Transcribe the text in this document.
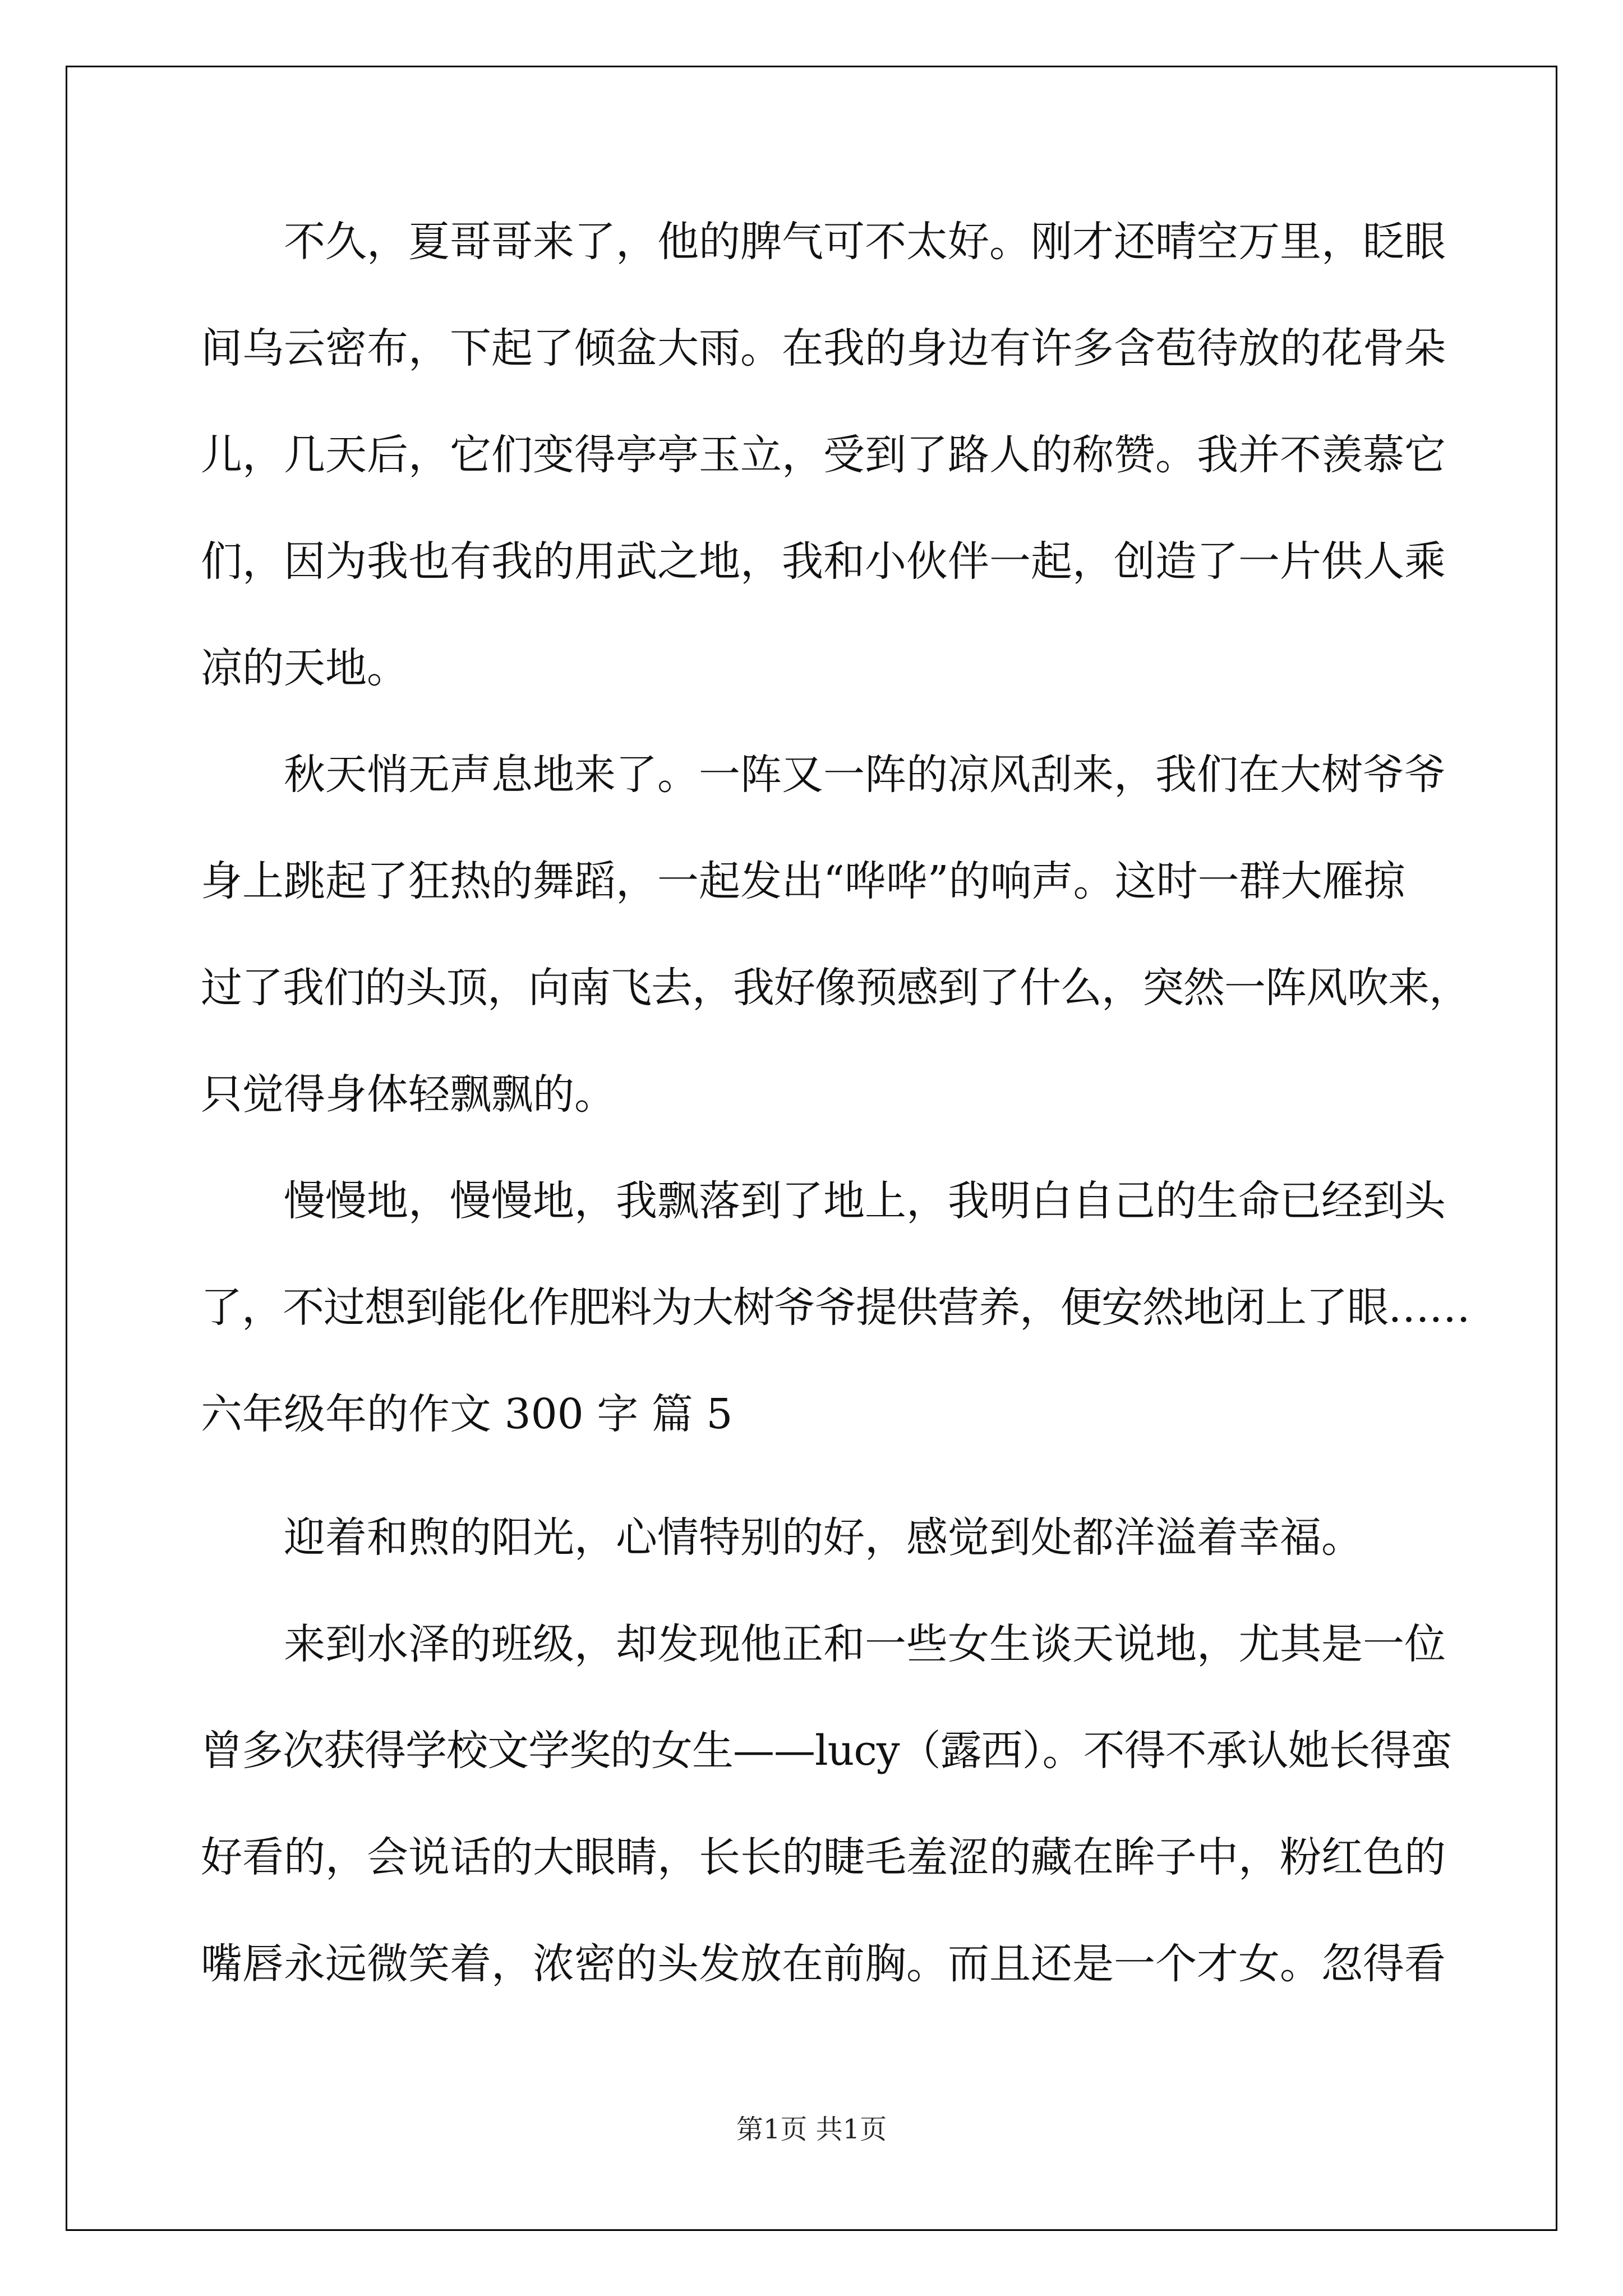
不久，夏哥哥来了，他的脾气可不太好。刚才还晴空万里，眨眼
间乌云密布，下起了倾盆大雨。在我的身边有许多含苞待放的花骨朵
儿，几天后，它们变得亭亭玉立，受到了路人的称赞。我并不羡慕它
们，因为我也有我的用武之地，我和小伙伴一起，创造了一片供人乘
凉的天地。
秋天悄无声息地来了。一阵又一阵的凉风刮来，我们在大树爷爷
身上跳起了狂热的舞蹈，一起发出“哗哗”的响声。这时一群大雁掠
过了我们的头顶，向南飞去，我好像预感到了什么，突然一阵风吹来，
只觉得身体轻飘飘的。
慢慢地，慢慢地，我飘落到了地上，我明白自己的生命已经到头
了，不过想到能化作肥料为大树爷爷提供营养，便安然地闭上了眼……
六年级年的作文 300 字 篇 5
迎着和煦的阳光，心情特别的好，感觉到处都洋溢着幸福。
来到水泽的班级，却发现他正和一些女生谈天说地，尤其是一位
曾多次获得学校文学奖的女生——lucy（露西）。不得不承认她长得蛮
好看的，会说话的大眼睛，长长的睫毛羞涩的藏在眸子中，粉红色的
嘴唇永远微笑着，浓密的头发放在前胸。而且还是一个才女。忽得看
第1页 共1页
